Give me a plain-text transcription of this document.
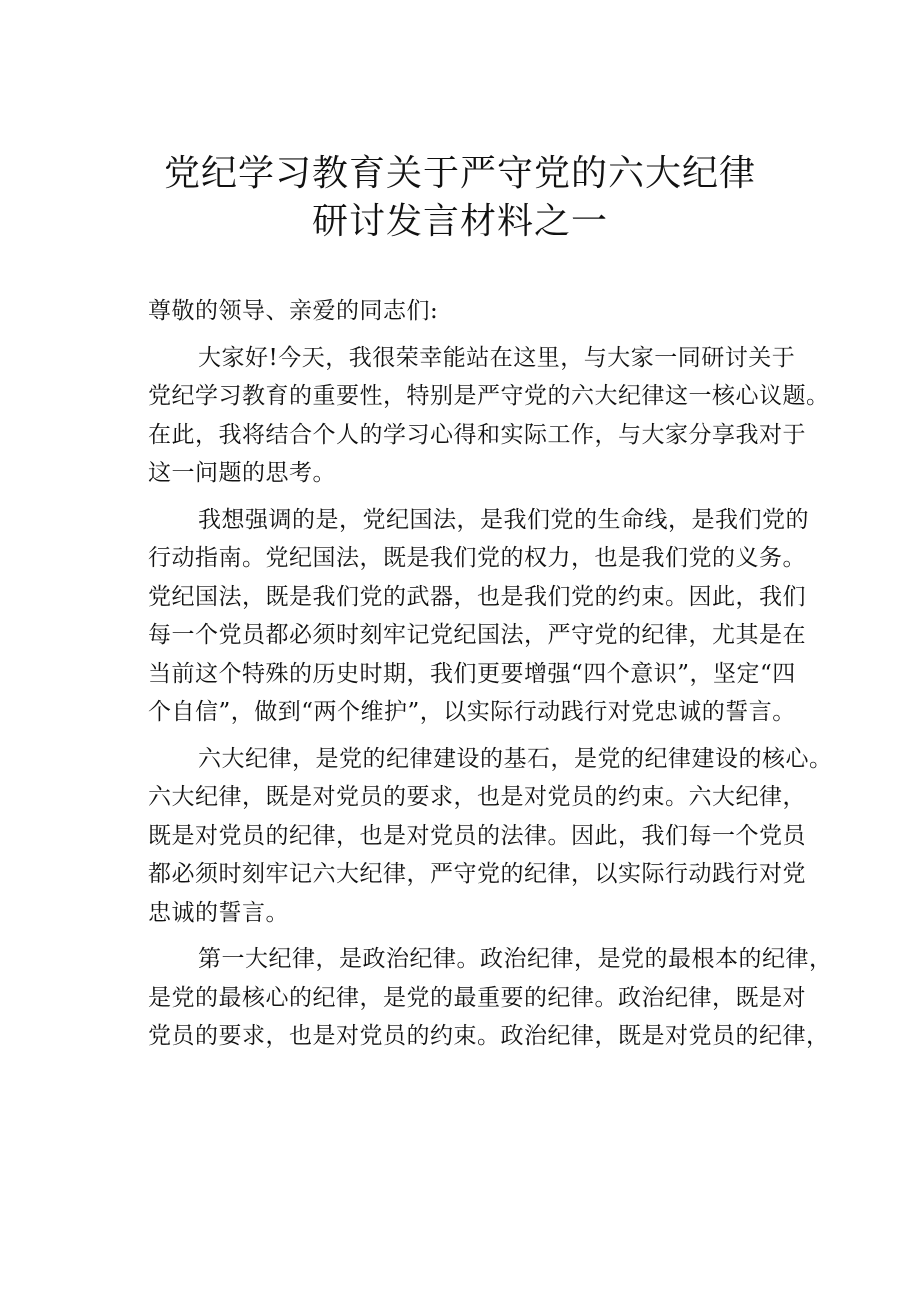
党纪学习教育关于严守党的六大纪律
研讨发言材料之一
尊敬的领导、亲爱的同志们:
大家好!今天，我很荣幸能站在这里，与大家一同研讨关于
党纪学习教育的重要性，特别是严守党的六大纪律这一核心议题。
在此，我将结合个人的学习心得和实际工作，与大家分享我对于
这一问题的思考。
我想强调的是，党纪国法，是我们党的生命线，是我们党的
行动指南。党纪国法，既是我们党的权力，也是我们党的义务。
党纪国法，既是我们党的武器，也是我们党的约束。因此，我们
每一个党员都必须时刻牢记党纪国法，严守党的纪律，尤其是在
当前这个特殊的历史时期，我们更要增强“四个意识”，坚定“四
个自信”，做到“两个维护”，以实际行动践行对党忠诚的誓言。
六大纪律，是党的纪律建设的基石，是党的纪律建设的核心。
六大纪律，既是对党员的要求，也是对党员的约束。六大纪律，
既是对党员的纪律，也是对党员的法律。因此，我们每一个党员
都必须时刻牢记六大纪律，严守党的纪律，以实际行动践行对党
忠诚的誓言。
第一大纪律，是政治纪律。政治纪律，是党的最根本的纪律，
是党的最核心的纪律，是党的最重要的纪律。政治纪律，既是对
党员的要求，也是对党员的约束。政治纪律，既是对党员的纪律，
